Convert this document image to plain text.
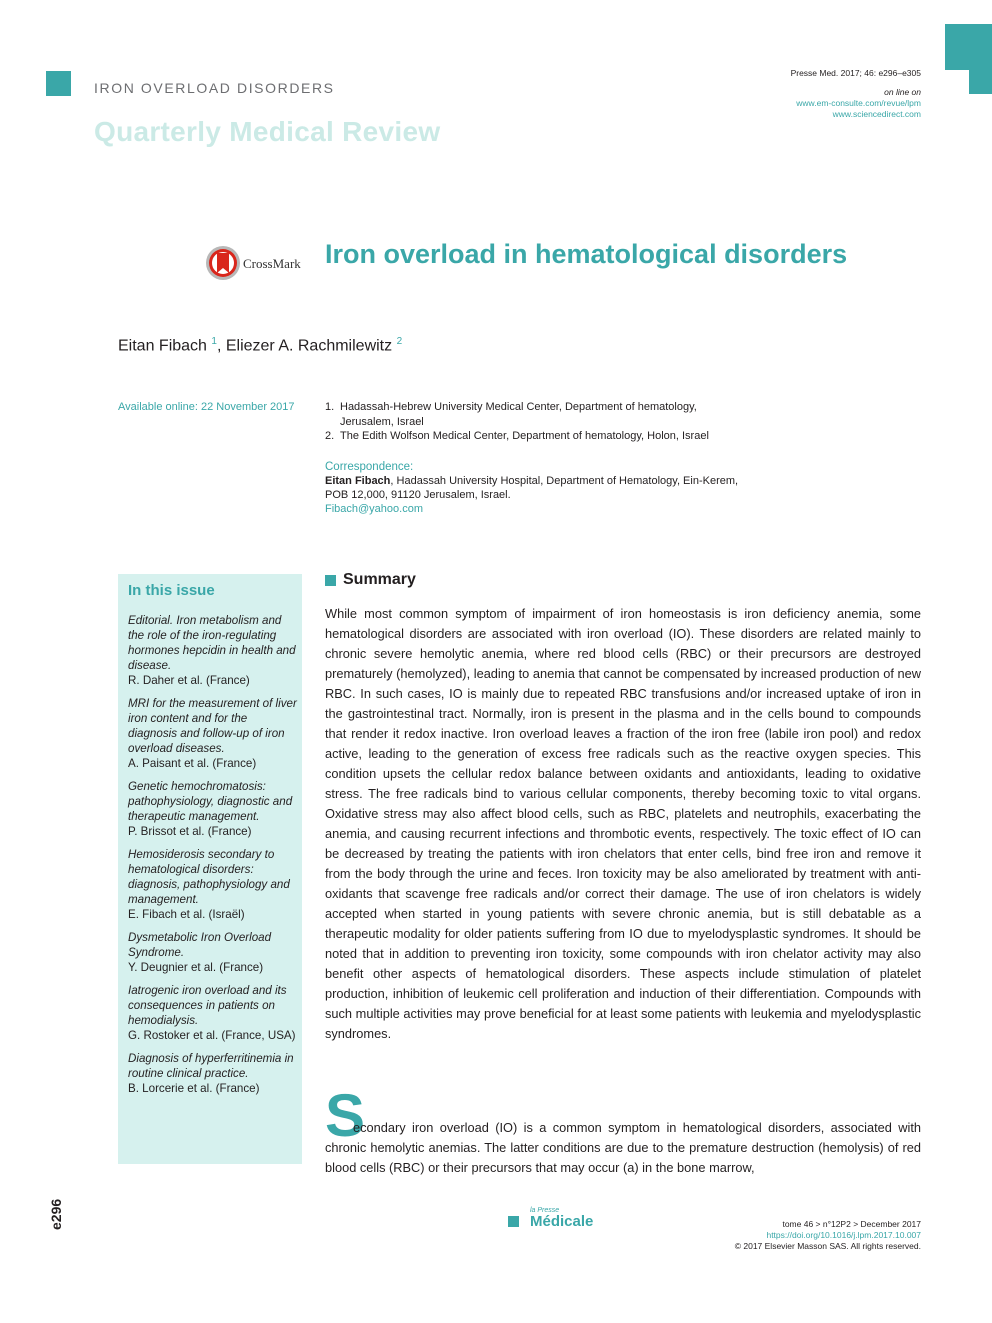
IRON OVERLOAD DISORDERS
Quarterly Medical Review
Presse Med. 2017; 46: e296–e305
on line on
www.em-consulte.com/revue/lpm
www.sciencedirect.com
CrossMark Iron overload in hematological disorders
Eitan Fibach $^1$, Eliezer A. Rachmilewitz $^2$
Available online: 22 November 2017	1. Hadassah-Hebrew University Medical Center, Department of hematology, Jerusalem, Israel
2. The Edith Wolfson Medical Center, Department of hematology, Holon, Israel
Correspondence:
Eitan Fibach, Hadassah University Hospital, Department of Hematology, Ein-Kerem,
POB 12,000, 91120 Jerusalem, Israel.
Fibach@yahoo.com
In this issue
Editorial. Iron metabolism and the role of the iron-regulating hormones hepcidin in health and disease.
R. Daher et al. (France)
MRI for the measurement of liver iron content and for the diagnosis and follow-up of iron overload diseases.
A. Paisant et al. (France)
Genetic hemochromatosis: pathophysiology, diagnostic and therapeutic management.
P. Brissot et al. (France)
Hemosiderosis secondary to hematological disorders: diagnosis, pathophysiology and management.
E. Fibach et al. (Israël)
Dysmetabolic Iron Overload Syndrome.
Y. Deugnier et al. (France)
Iatrogenic iron overload and its consequences in patients on hemodialysis.
G. Rostoker et al. (France, USA)
Diagnosis of hyperferritinemia in routine clinical practice.
B. Lorcerie et al. (France)
Summary
While most common symptom of impairment of iron homeostasis is iron deficiency anemia, some hematological disorders are associated with iron overload (IO). These disorders are related mainly to chronic severe hemolytic anemia, where red blood cells (RBC) or their precursors are destroyed prematurely (hemolyzed), leading to anemia that cannot be compensated by increased production of new RBC. In such cases, IO is mainly due to repeated RBC transfusions and/or increased uptake of iron in the gastrointestinal tract. Normally, iron is present in the plasma and in the cells bound to compounds that render it redox inactive. Iron overload leaves a fraction of the iron free (labile iron pool) and redox active, leading to the generation of excess free radicals such as the reactive oxygen species. This condition upsets the cellular redox balance between oxidants and antioxidants, leading to oxidative stress. The free radicals bind to various cellular components, thereby becoming toxic to vital organs. Oxidative stress may also affect blood cells, such as RBC, platelets and neutrophils, exacerbating the anemia, and causing recurrent infections and thrombotic events, respectively. The toxic effect of IO can be decreased by treating the patients with iron chelators that enter cells, bind free iron and remove it from the body through the urine and feces. Iron toxicity may be also ameliorated by treatment with anti-oxidants that scavenge free radicals and/or correct their damage. The use of iron chelators is widely accepted when started in young patients with severe chronic anemia, but is still debatable as a therapeutic modality for older patients suffering from IO due to myelodysplastic syndromes. It should be noted that in addition to preventing iron toxicity, some compounds with iron chelator activity may also benefit other aspects of hematological disorders. These aspects include stimulation of platelet production, inhibition of leukemic cell proliferation and induction of their differentiation. Compounds with such multiple activities may prove beneficial for at least some patients with leukemia and myelodysplastic syndromes.
S
econdary iron overload (IO) is a common symptom in hematological disorders, associated with chronic hemolytic anemias. The latter conditions are due to the premature destruction (hemolysis) of red blood cells (RBC) or their precursors that may occur (a) in the bone marrow,
e296	la Presse
Médicale	tome 46 > n°12P2 > December 2017
https://doi.org/10.1016/j.lpm.2017.10.007
© 2017 Elsevier Masson SAS. All rights reserved.
